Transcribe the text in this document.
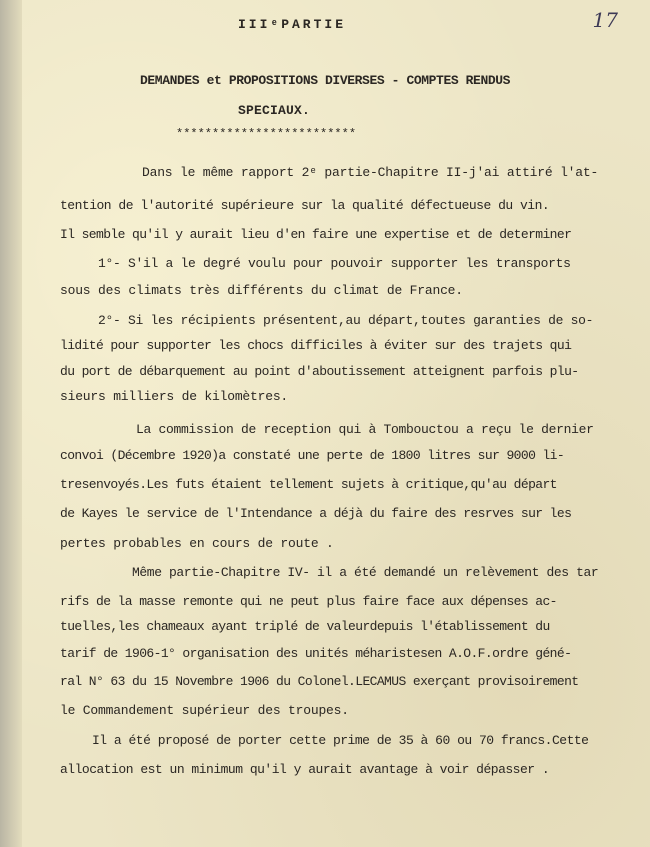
17
IIIᵉPARTIE
DEMANDES et PROPOSITIONS DIVERSES - COMPTES RENDUS
SPECIAUX.
*************************
Dans le même rapport 2ᵉ partie-Chapitre II-j'ai attiré l'at-
tention de l'autorité supérieure sur la qualité défectueuse du vin.
Il semble qu'il y aurait lieu d'en faire une expertise et de determiner
1°- S'il a le degré voulu pour pouvoir supporter les transports
sous des climats très différents du climat de France.
2°- Si les récipients présentent,au départ,toutes garanties de so-
lidité pour supporter les chocs difficiles à éviter sur des trajets qui
du port de débarquement au point d'aboutissement atteignent parfois plu-
sieurs milliers de kilomètres.
La commission de reception qui à Tombouctou a reçu le dernier
convoi (Décembre 1920)a constaté une perte de 1800 litres sur 9000 li-
tresenvoyés.Les futs étaient tellement sujets à critique,qu'au départ
de Kayes le service de l'Intendance a déjà du faire des resrves sur les
pertes probables en cours de route .
Même partie-Chapitre IV- il a été demandé un relèvement des tar
rifs de la masse remonte qui ne peut plus faire face aux dépenses ac-
tuelles,les chameaux ayant triplé de valeurdepuis l'établissement du
tarif de 1906-1° organisation des unités méharistesen A.O.F.ordre géné-
ral N° 63 du 15 Novembre 1906 du Colonel.LECAMUS exerçant provisoirement
le Commandement supérieur des troupes.
Il a été proposé de porter cette prime de 35 à 60 ou 70 francs.Cette
allocation est un minimum qu'il y aurait avantage à voir dépasser .
